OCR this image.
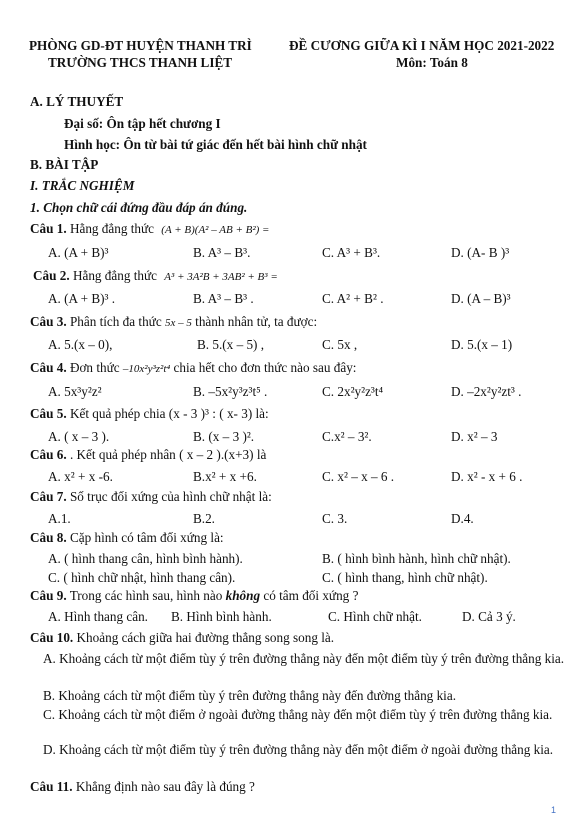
PHÒNG GD-ĐT HUYỆN THANH TRÌ
TRƯỜNG THCS THANH LIỆT
ĐỀ CƯƠNG GIỮA KÌ I NĂM HỌC 2021-2022
Môn: Toán 8
A. LÝ THUYẾT
Đại số: Ôn tập hết chương I
Hình học: Ôn từ bài tứ giác đến hết bài hình chữ nhật
B. BÀI TẬP
I. TRẮC NGHIỆM
1. Chọn chữ cái đứng đầu đáp án đúng.
Câu 1. Hằng đẳng thức (A + B)(A² – AB + B²) =
A. (A + B)³	B. A³ – B³.	C. A³ + B³.	D. (A- B )³
Câu 2. Hằng đẳng thức A³ + 3A²B + 3AB² + B³ =
A. (A + B)³ .	B. A³ – B³ .	C. A² + B² .	D. (A – B)³
Câu 3. Phân tích đa thức 5x – 5 thành nhân tử, ta được:
A. 5.(x – 0),	B. 5.(x – 5) ,	C. 5x ,	D. 5.(x – 1)
Câu 4. Đơn thức –10x²y³z²t⁴ chia hết cho đơn thức nào sau đây:
A. 5x³y²z²	B. –5x²y³z³t⁵ .	C. 2x²y²z³t⁴	D. –2x²y²zt³ .
Câu 5. Kết quả phép chia (x - 3 )³ : ( x- 3) là:
A. ( x – 3 ).	B. (x – 3 )².	C.x² – 3².	D. x² – 3
Câu 6. . Kết quả phép nhân ( x – 2 ).(x+3) là
A. x² + x -6.	B.x² + x +6.	C. x² – x – 6 .	D. x² - x + 6 .
Câu 7. Số trục đối xứng của hình chữ nhật là:
A.1.	B.2.	C. 3.	D.4.
Câu 8. Cặp hình có tâm đối xứng là:
A. ( hình thang cân, hình bình hành).	B. ( hình bình hành, hình chữ nhật).
C. ( hình chữ nhật, hình thang cân).	C. ( hình thang, hình chữ nhật).
Câu 9. Trong các hình sau, hình nào không có tâm đối xứng ?
A. Hình thang cân. B. Hình bình hành.	C. Hình chữ nhật.	D. Cả 3 ý.
Câu 10. Khoảng cách giữa hai đường thẳng song song là.
A. Khoảng cách từ một điểm tùy ý trên đường thẳng này đến một điểm tùy ý trên đường thẳng kia.
B. Khoảng cách từ một điểm tùy ý trên đường thẳng này đến đường thẳng kia.
C. Khoảng cách từ một điểm ở ngoài đường thẳng này đến một điểm tùy ý trên đường thẳng kia.
D. Khoảng cách từ một điểm tùy ý trên đường thẳng này đến một điểm ở ngoài đường thẳng kia.
Câu 11. Khẳng định nào sau đây là đúng ?
1
